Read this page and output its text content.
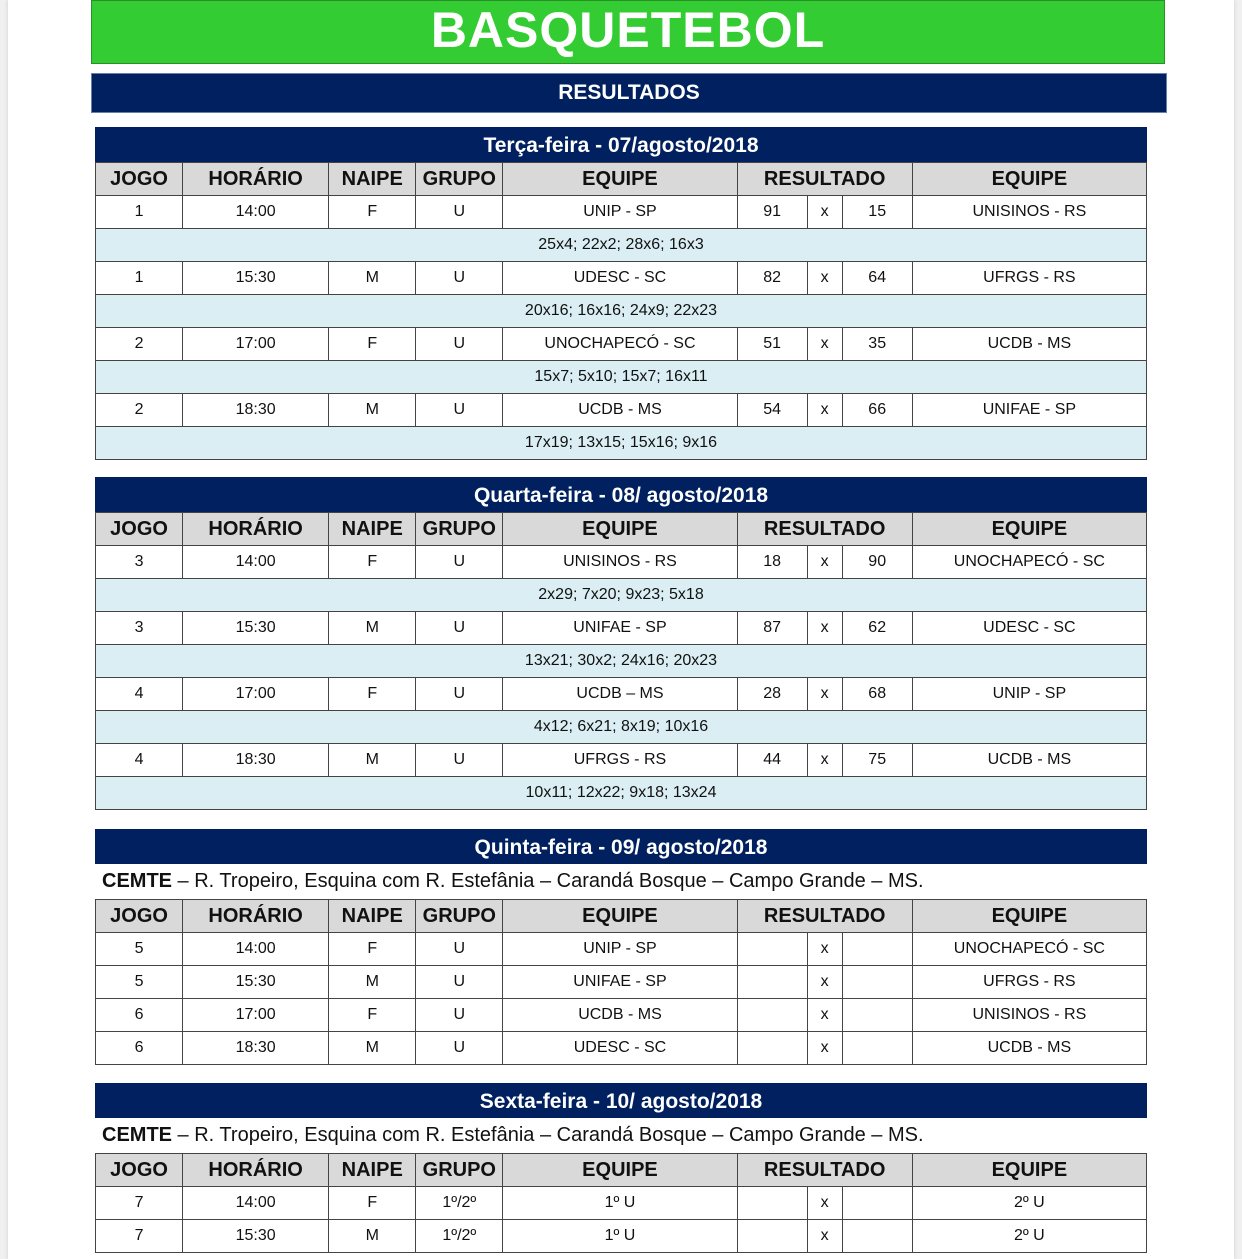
BASQUETEBOL
RESULTADOS
Terça-feira - 07/agosto/2018
JOGO	HORÁRIO	NAIPE	GRUPO	EQUIPE	RESULTADO			EQUIPE
1	14:00	F	U	UNIP - SP	91	x	15	UNISINOS - RS
25x4; 22x2; 28x6; 16x3								
1	15:30	M	U	UDESC - SC	82	x	64	UFRGS - RS
20x16; 16x16; 24x9; 22x23								
2	17:00	F	U	UNOCHAPECÓ - SC	51	x	35	UCDB - MS
15x7; 5x10; 15x7; 16x11								
2	18:30	M	U	UCDB - MS	54	x	66	UNIFAE - SP
17x19; 13x15; 15x16; 9x16								
Quarta-feira - 08/ agosto/2018
JOGO	HORÁRIO	NAIPE	GRUPO	EQUIPE	RESULTADO			EQUIPE
3	14:00	F	U	UNISINOS - RS	18	x	90	UNOCHAPECÓ - SC
2x29; 7x20; 9x23; 5x18								
3	15:30	M	U	UNIFAE - SP	87	x	62	UDESC - SC
13x21; 30x2; 24x16; 20x23								
4	17:00	F	U	UCDB – MS	28	x	68	UNIP - SP
4x12; 6x21; 8x19; 10x16								
4	18:30	M	U	UFRGS - RS	44	x	75	UCDB - MS
10x11; 12x22; 9x18; 13x24								
Quinta-feira - 09/ agosto/2018
CEMTE – R. Tropeiro, Esquina com R. Estefânia – Carandá Bosque – Campo Grande – MS.
JOGO	HORÁRIO	NAIPE	GRUPO	EQUIPE	RESULTADO			EQUIPE
5	14:00	F	U	UNIP - SP		x		UNOCHAPECÓ - SC
5	15:30	M	U	UNIFAE - SP		x		UFRGS - RS
6	17:00	F	U	UCDB - MS		x		UNISINOS - RS
6	18:30	M	U	UDESC - SC		x		UCDB - MS
Sexta-feira - 10/ agosto/2018
CEMTE – R. Tropeiro, Esquina com R. Estefânia – Carandá Bosque – Campo Grande – MS.
JOGO	HORÁRIO	NAIPE	GRUPO	EQUIPE	RESULTADO			EQUIPE
7	14:00	F	1º/2º	1º U		x		2º U
7	15:30	M	1º/2º	1º U		x		2º U
